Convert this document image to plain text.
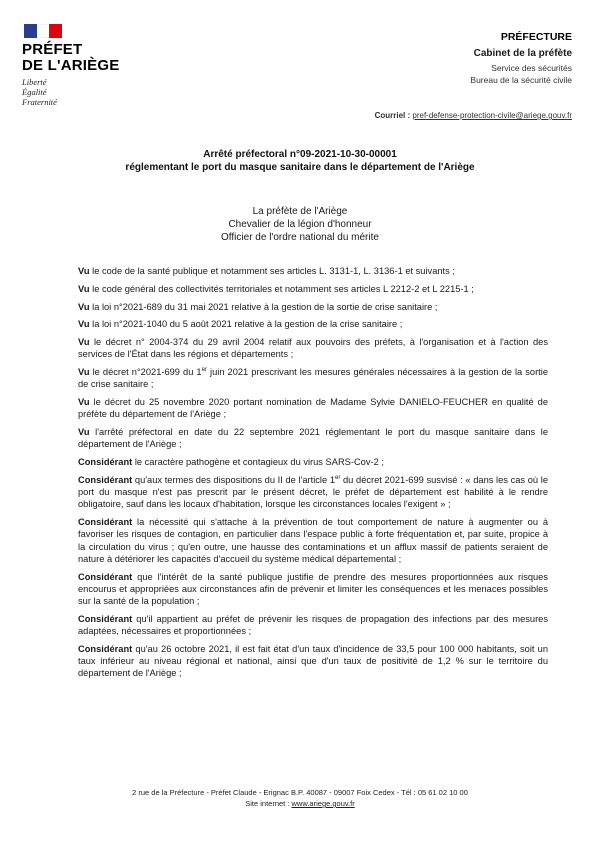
PRÉFET
DE L'ARIÈGE
Liberté
Égalité
Fraternité
PRÉFECTURE
Cabinet de la préfète
Service des sécurités
Bureau de la sécurité civile
Courriel : pref-defense-protection-civile@ariege.gouv.fr
Arrêté préfectoral n°09-2021-10-30-00001
réglementant le port du masque sanitaire dans le département de l'Ariège
La préfète de l'Ariège
Chevalier de la légion d'honneur
Officier de l'ordre national du mérite

Vu le code de la santé publique et notamment ses articles L. 3131-1, L. 3136-1 et suivants ;

Vu le code général des collectivités territoriales et notamment ses articles L 2212-2 et L 2215-1 ;

Vu la loi n°2021-689 du 31 mai 2021 relative à la gestion de la sortie de crise sanitaire ;

Vu la loi n°2021-1040 du 5 août 2021 relative à la gestion de la crise sanitaire ;

Vu le décret n° 2004-374 du 29 avril 2004 relatif aux pouvoirs des préfets, à l'organisation et à l'action des services de l'État dans les régions et départements ;

Vu le décret n°2021-699 du 1er juin 2021 prescrivant les mesures générales nécessaires à la gestion de la sortie de crise sanitaire ;

Vu le décret du 25 novembre 2020 portant nomination de Madame Sylvie DANIELO-FEUCHER en qualité de préfète du département de l'Ariège ;

Vu l'arrêté préfectoral en date du 22 septembre 2021 réglementant le port du masque sanitaire dans le département de l'Ariège ;

Considérant le caractère pathogène et contagieux du virus SARS-Cov-2 ;

Considérant qu'aux termes des dispositions du II de l'article 1er du décret 2021-699 susvisé : « dans les cas où le port du masque n'est pas prescrit par le présent décret, le préfet de département est habilité à le rendre obligatoire, sauf dans les locaux d'habitation, lorsque les circonstances locales l'exigent » ;

Considérant la nécessité qui s'attache à la prévention de tout comportement de nature à augmenter ou à favoriser les risques de contagion, en particulier dans l'espace public à forte fréquentation et, par suite, propice à la circulation du virus ; qu'en outre, une hausse des contaminations et un afflux massif de patients seraient de nature à détériorer les capacités d'accueil du système médical départemental ;

Considérant que l'intérêt de la santé publique justifie de prendre des mesures proportionnées aux risques encourus et appropriées aux circonstances afin de prévenir et limiter les conséquences et les menaces possibles sur la santé de la population ;

Considérant qu'il appartient au préfet de prévenir les risques de propagation des infections par des mesures adaptées, nécessaires et proportionnées ;

Considérant qu'au 26 octobre 2021, il est fait état d'un taux d'incidence de 33,5 pour 100 000 habitants, soit un taux inférieur au niveau régional et national, ainsi que d'un taux de positivité de 1,2 % sur le territoire du département de l'Ariège ;

2 rue de la Préfecture - Préfet Claude - Erignac B.P. 40087 - 09007 Foix Cedex - Tél : 05 61 02 10 00
Site internet : www.ariege.gouv.fr
